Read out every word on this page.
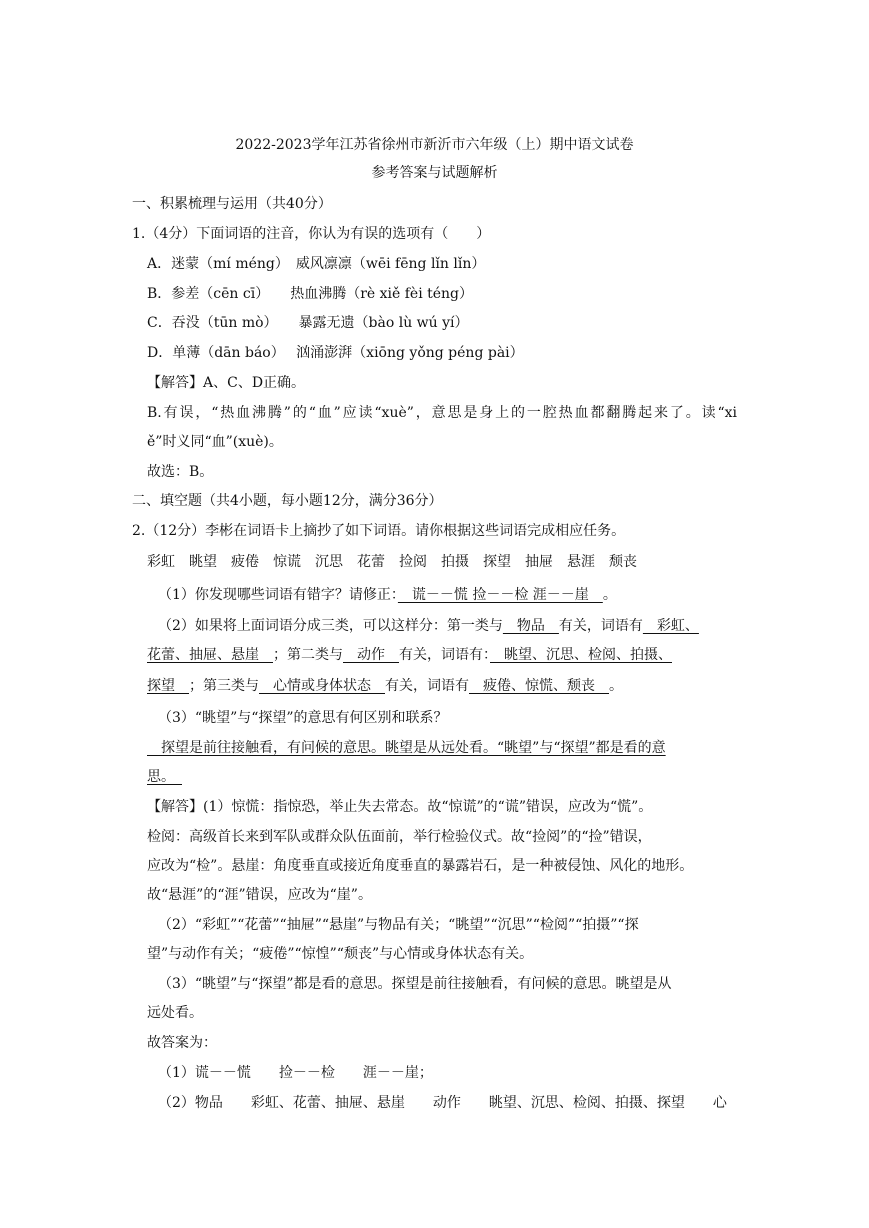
2022-2023学年江苏省徐州市新沂市六年级（上）期中语文试卷
参考答案与试题解析
一、积累梳理与运用（共40分）
1.（4分）下面词语的注音，你认为有误的选项有（　　）
A．迷蒙（mí méng）　威风凛凛（wēi fēng lǐn lǐn）
B．参差（cēn cī）　　热血沸腾（rè xiě fèi téng）
C．吞没（tūn mò）　　暴露无遗（bào lù wú yí）
D．单薄（dān báo）　 汹涌澎湃（xiōng yǒng péng pài）
【解答】A、C、D正确。
B.有误，“热血沸腾”的“血”应读“xuè”，意思是身上的一腔热血都翻腾起来了。读“xi
ě”时义同“血”(xuè)。
故选：B。
二、填空题（共4小题，每小题12分，满分36分）
2.（12分）李彬在词语卡上摘抄了如下词语。请你根据这些词语完成相应任务。
彩虹　眺望　疲倦　惊谎　沉思　花蕾　捡阅　拍摄　探望　抽屉　悬涯　颓丧
（1）你发现哪些词语有错字？请修正：　谎－－慌 捡－－检 涯－－崖　。
（2）如果将上面词语分成三类，可以这样分：第一类与　物品　有关，词语有　彩虹、
花蕾、抽屉、悬崖　；第二类与　动作　有关，词语有：　眺望、沉思、检阅、拍摄、
探望　；第三类与　心情或身体状态　有关，词语有　疲倦、惊慌、颓丧　。
（3）“眺望”与“探望”的意思有何区别和联系？
　探望是前往接触看，有问候的意思。眺望是从远处看。“眺望”与“探望”都是看的意
思。　
【解答】(1）惊慌：指惊恐，举止失去常态。故“惊谎”的“谎”错误，应改为“慌”。
检阅：高级首长来到军队或群众队伍面前，举行检验仪式。故“捡阅”的“捡”错误，
应改为“检”。悬崖：角度垂直或接近角度垂直的暴露岩石，是一种被侵蚀、风化的地形。
故“悬涯”的“涯”错误，应改为“崖”。
（2）“彩虹”“花蕾”“抽屉”“悬崖”与物品有关；“眺望”“沉思”“检阅”“拍摄”“探
望”与动作有关；“疲倦”“惊惶”“颓丧”与心情或身体状态有关。
（3）“眺望”与“探望”都是看的意思。探望是前往接触看，有问候的意思。眺望是从
远处看。
故答案为：
（1）谎－－慌　　捡－－检　　涯－－崖；
（2）物品　　彩虹、花蕾、抽屉、悬崖　　动作　　眺望、沉思、检阅、拍摄、探望　　心
